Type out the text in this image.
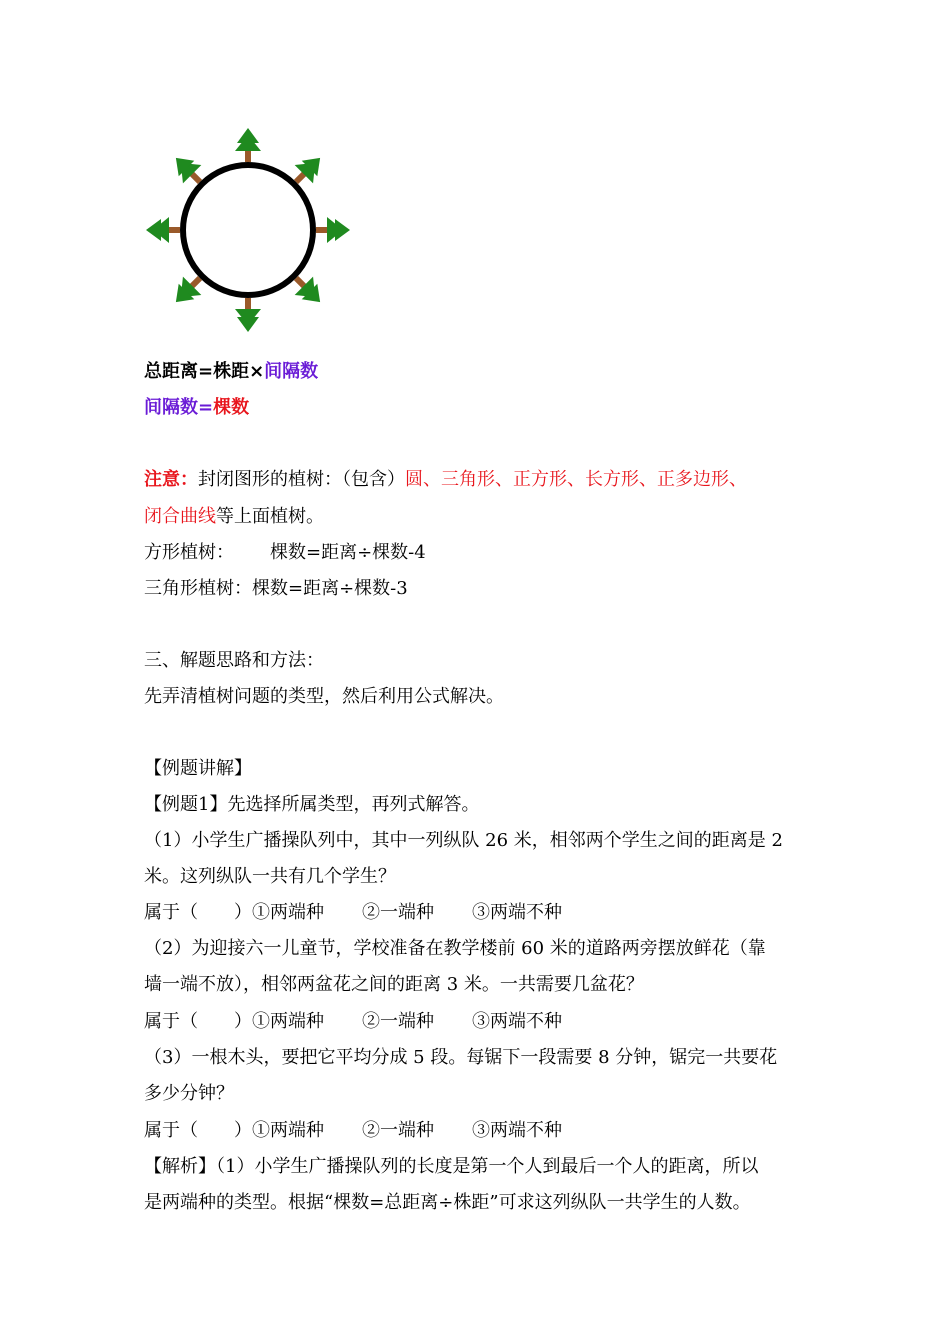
总距离=株距×间隔数
间隔数=棵数
注意：封闭图形的植树：（包含）圆、三角形、正方形、长方形、正多边形、
闭合曲线等上面植树。
方形植树： 棵数=距离÷棵数-4
三角形植树：棵数=距离÷棵数-3
三、解题思路和方法：
先弄清植树问题的类型，然后利用公式解决。
【例题讲解】
【例题1】先选择所属类型，再列式解答。
（1）小学生广播操队列中，其中一列纵队 26 米，相邻两个学生之间的距离是 2
米。这列纵队一共有几个学生？
属于（　　）①两端种 ②一端种 ③两端不种
（2）为迎接六一儿童节，学校准备在教学楼前 60 米的道路两旁摆放鲜花（靠
墙一端不放），相邻两盆花之间的距离 3 米。一共需要几盆花？
属于（　　）①两端种 ②一端种 ③两端不种
（3）一根木头，要把它平均分成 5 段。每锯下一段需要 8 分钟，锯完一共要花
多少分钟？
属于（　　）①两端种 ②一端种 ③两端不种
【解析】（1）小学生广播操队列的长度是第一个人到最后一个人的距离，所以
是两端种的类型。根据“棵数=总距离÷株距”可求这列纵队一共学生的人数。
